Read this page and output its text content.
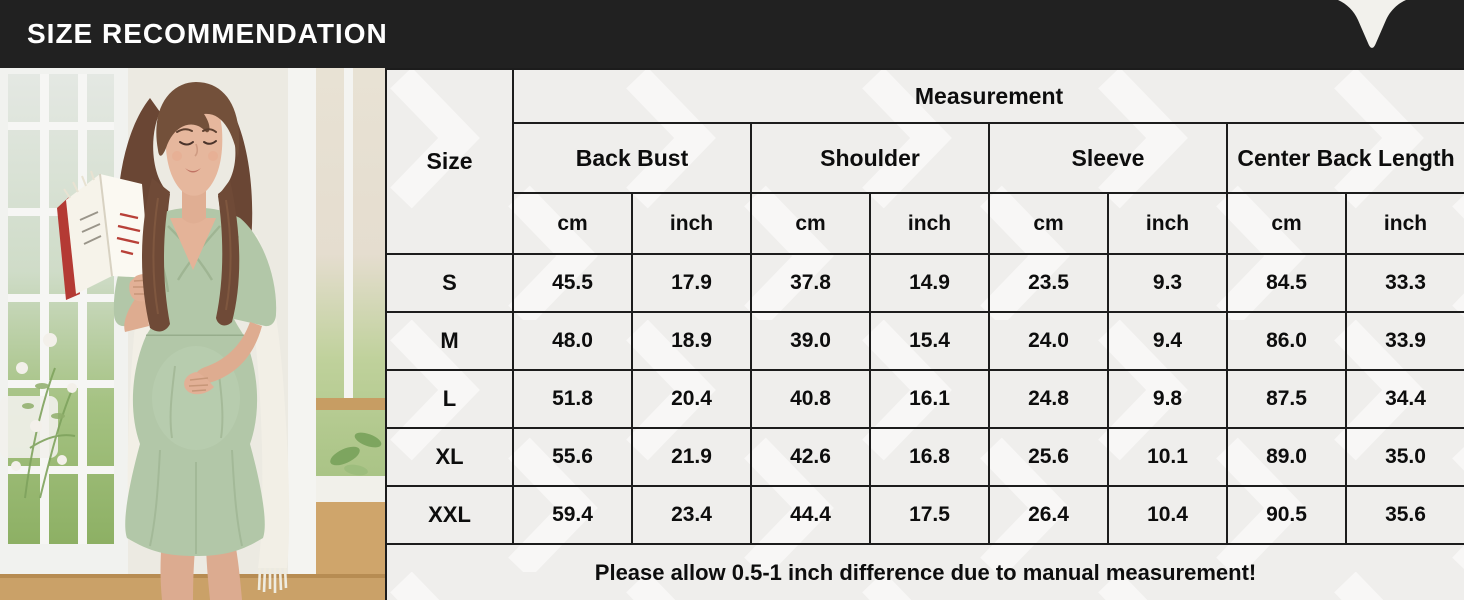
SIZE RECOMMENDATION
Size	Measurement							
	Back Bust		Shoulder		Sleeve		Center Back Length	
	cm	inch	cm	inch	cm	inch	cm	inch
S	45.5	17.9	37.8	14.9	23.5	9.3	84.5	33.3
M	48.0	18.9	39.0	15.4	24.0	9.4	86.0	33.9
L	51.8	20.4	40.8	16.1	24.8	9.8	87.5	34.4
XL	55.6	21.9	42.6	16.8	25.6	10.1	89.0	35.0
XXL	59.4	23.4	44.4	17.5	26.4	10.4	90.5	35.6
Please allow 0.5-1 inch difference due to manual measurement!								
